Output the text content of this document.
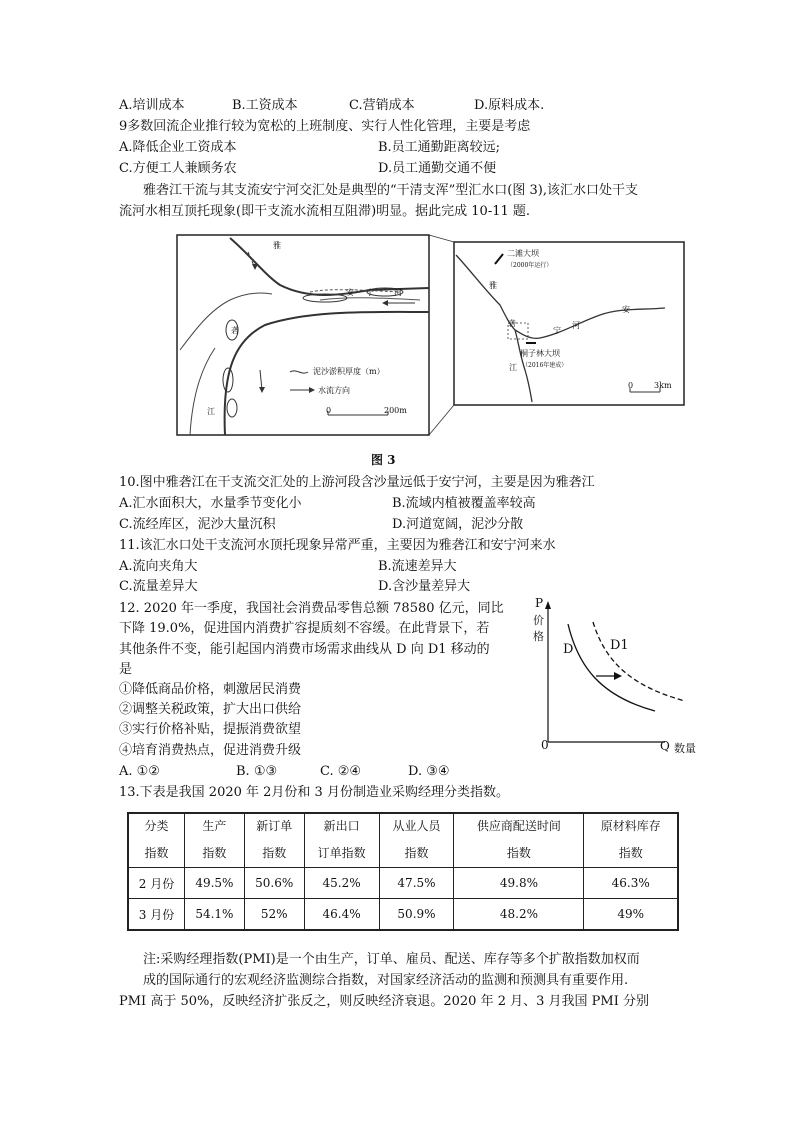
A.培训成本	B.工资成本	C.营销成本	D.原料成本.
9多数回流企业推行较为宽松的上班制度、实行人性化管理，主要是考虑
A.降低企业工资成本	B.员工通勤距离较远;
C.方便工人兼顾务农	D.员工通勤交通不便
雅砻江干流与其支流安宁河交汇处是典型的“干清支浑”型汇水口(图 3),该汇水口处干支
流河水相互顶托现象(即干支流水流相互阻滞)明显。据此完成 10-11 题.
雅
安 宁	河
砻
江
泥沙淤积厚度（m）
水流方向
0	200m
二滩大坝
（2000年运行）
雅
砻
安
宁
河
江
桐子林大坝
（2016年建成）
0	3km
图 3
10.图中雅砻江在干支流交汇处的上游河段含沙量远低于安宁河，主要是因为雅砻江
A.汇水面积大，水量季节变化小	B.流域内植被覆盖率较高
C.流经库区，泥沙大量沉积	D.河道宽阔，泥沙分散
11.该汇水口处干支流河水顶托现象异常严重，主要因为雅砻江和安宁河来水
A.流向夹角大	B.流速差异大
C.流量差异大	D.含沙量差异大
12. 2020 年一季度，我国社会消费品零售总额 78580 亿元，同比
下降 19.0%，促进国内消费扩容提质刻不容缓。在此背景下，若
其他条件不变，能引起国内消费市场需求曲线从 D 向 D1 移动的
是
①降低商品价格，刺激居民消费
②调整关税政策，扩大出口供给
③实行价格补贴，提振消费欲望
④培育消费热点，促进消费升级
A. ①②	B. ①③	C. ②④	D. ③④
P
价格
0	Q 数量
D	D1
13.下表是我国 2020 年 2月份和 3 月份制造业采购经理分类指数。
分类	生产	新订单	新出口	从业人员	供应商配送时间	原材料库存
指数	指数	指数	订单指数	指数	指数	指数
2 月份	49.5%	50.6%	45.2%	47.5%	49.8%	46.3%
3 月份	54.1%	52%	46.4%	50.9%	48.2%	49%
注:采购经理指数(PMI)是一个由生产，订单、雇员、配送、库存等多个扩散指数加权而
成的国际通行的宏观经济监测综合指数，对国家经济活动的监测和预测具有重要作用.
PMI 高于 50%，反映经济扩张反之，则反映经济衰退。2020 年 2 月、3 月我国 PMI 分别
